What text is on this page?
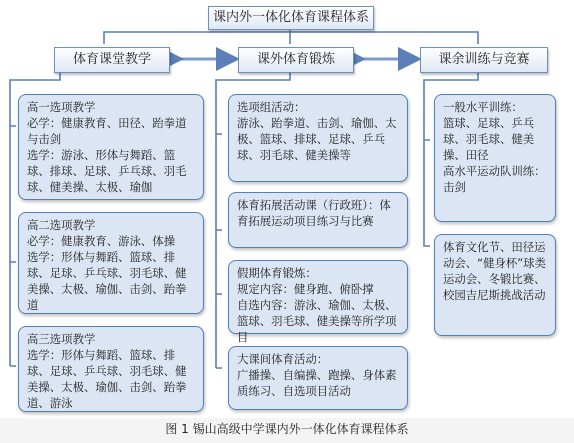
课内外一体化体育课程体系
体育课堂教学	课外体育锻炼	课余训练与竞赛

高一选项教学

必学：健康教育、田径、跆拳道与击剑

选学：游泳、形体与舞蹈、篮球、排球、足球、乒乓球、羽毛球、健美操、太极、瑜伽

高二选项教学

必学：健康教育、游泳、体操

选学：形体与舞蹈、篮球、排球、足球、乒乓球、羽毛球、健美操、太极、瑜伽、击剑、跆拳道

高三选项教学

选学：形体与舞蹈、篮球、排球、足球、乒乓球、羽毛球、健美操、太极、瑜伽、击剑、跆拳道、游泳

选项组活动：

游泳、跆拳道、击剑、瑜伽、太极、篮球、排球、足球、乒乓球、羽毛球、健美操等

体育拓展活动课（行政班）：体育拓展运动项目练习与比赛

假期体育锻炼：

规定内容：健身跑、俯卧撑

自选内容：游泳、瑜伽、太极、篮球、羽毛球、健美操等所学项目

大课间体育活动：

广播操、自编操、跑操、身体素质练习、自选项目活动

一般水平训练：

篮球、足球、乒乓球、羽毛球、健美操、田径

高水平运动队训练：

击剑

体育文化节、田径运动会、“健身杯”球类运动会、冬锻比赛、校园吉尼斯挑战活动

图 1 锡山高级中学课内外一体化体育课程体系
